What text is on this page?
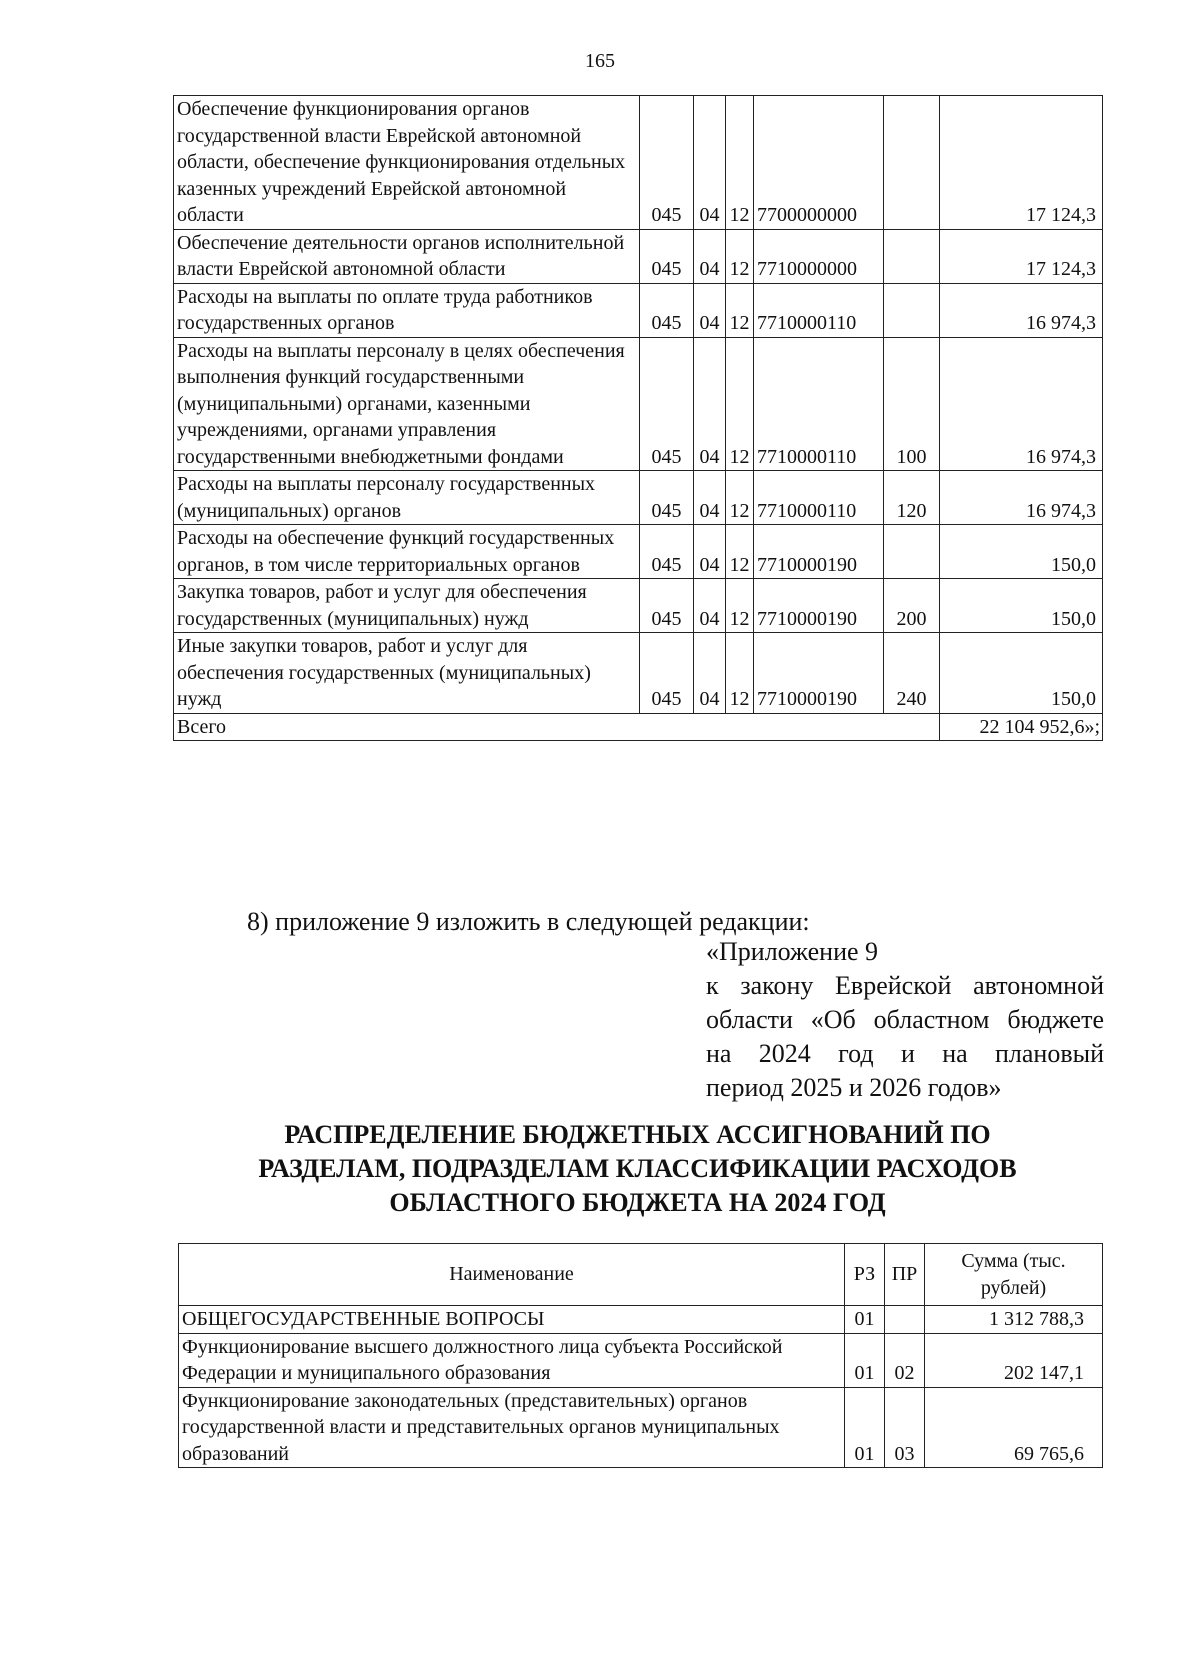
165
Обеспечение функционирования органов государственной власти Еврейской автономной области, обеспечение функционирования отдельных казенных учреждений Еврейской автономной области	045	04	12	7700000000		17 124,3
Обеспечение деятельности органов исполнительной власти Еврейской автономной области	045	04	12	7710000000		17 124,3
Расходы на выплаты по оплате труда работников государственных органов	045	04	12	7710000110		16 974,3
Расходы на выплаты персоналу в целях обеспечения выполнения функций государственными (муниципальными) органами, казенными учреждениями, органами управления государственными внебюджетными фондами	045	04	12	7710000110	100	16 974,3
Расходы на выплаты персоналу государственных (муниципальных) органов	045	04	12	7710000110	120	16 974,3
Расходы на обеспечение функций государственных органов, в том числе территориальных органов	045	04	12	7710000190		150,0
Закупка товаров, работ и услуг для обеспечения государственных (муниципальных) нужд	045	04	12	7710000190	200	150,0
Иные закупки товаров, работ и услуг для обеспечения государственных (муниципальных) нужд	045	04	12	7710000190	240	150,0
Всего						22 104 952,6»;
8) приложение 9 изложить в следующей редакции:
«Приложение 9
к закону Еврейской автономной
области «Об областном бюджете
на 2024 год и на плановый
период 2025 и 2026 годов»
РАСПРЕДЕЛЕНИЕ БЮДЖЕТНЫХ АССИГНОВАНИЙ ПО
РАЗДЕЛАМ, ПОДРАЗДЕЛАМ КЛАССИФИКАЦИИ РАСХОДОВ
ОБЛАСТНОГО БЮДЖЕТА НА 2024 ГОД
Наименование	РЗ	ПР	Сумма (тыс. рублей)
ОБЩЕГОСУДАРСТВЕННЫЕ ВОПРОСЫ	01		1 312 788,3
Функционирование высшего должностного лица субъекта Российской Федерации и муниципального образования	01	02	202 147,1
Функционирование законодательных (представительных) органов государственной власти и представительных органов муниципальных образований	01	03	69 765,6
